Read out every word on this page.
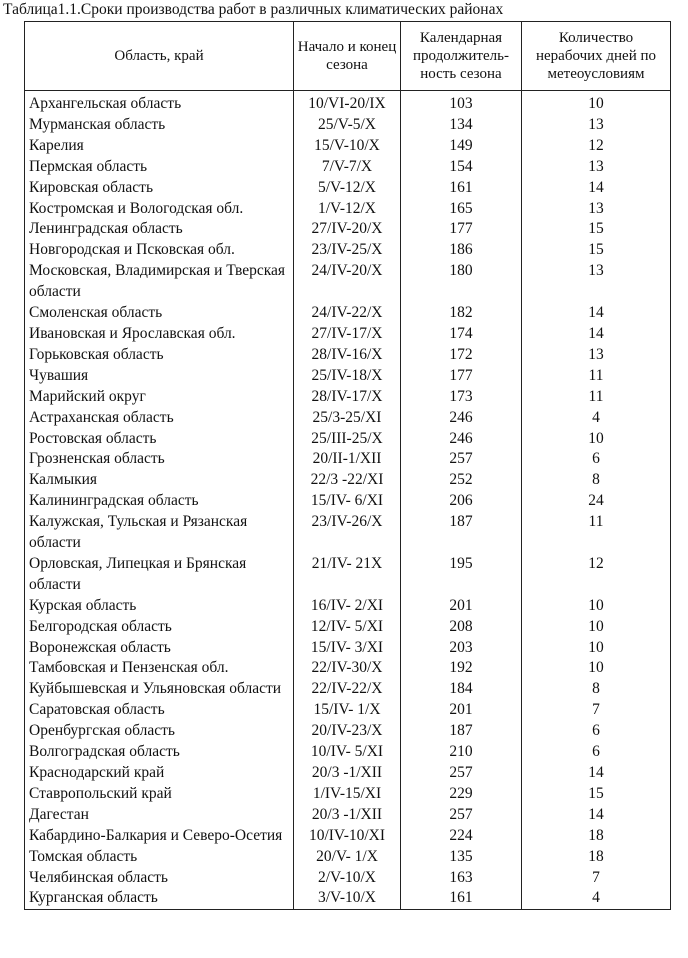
Таблица1.1.Сроки производства работ в различных климатических районах
Область, край	Начало и конец сезона	Календарная продолжитель-ность сезона	Количество нерабочих дней по метеоусловиям
Архангельская область	10/VI-20/IX	103	10
Мурманская область	25/V-5/X	134	13
Карелия	15/V-10/X	149	12
Пермская область	7/V-7/X	154	13
Кировская область	5/V-12/X	161	14
Костромская и Вологодская обл.	1/V-12/X	165	13
Ленинградская область	27/IV-20/X	177	15
Новгородская и Псковская обл.	23/IV-25/X	186	15
Московская, Владимирская и Тверская области	24/IV-20/X	180	13
Смоленская область	24/IV-22/X	182	14
Ивановская и Ярославская обл.	27/IV-17/X	174	14
Горьковская область	28/IV-16/X	172	13
Чувашия	25/IV-18/X	177	11
Марийский округ	28/IV-17/X	173	11
Астраханская область	25/3-25/XI	246	4
Ростовская область	25/III-25/X	246	10
Грозненская область	20/II-1/XII	257	6
Калмыкия	22/3 -22/XI	252	8
Калининградская область	15/IV- 6/XI	206	24
Калужская, Тульская и Рязанская области	23/IV-26/X	187	11
Орловская, Липецкая и Брянская области	21/IV- 21X	195	12
Курская область	16/IV- 2/XI	201	10
Белгородская область	12/IV- 5/XI	208	10
Воронежская область	15/IV- 3/XI	203	10
Тамбовская и Пензенская обл.	22/IV-30/X	192	10
Куйбышевская и Ульяновская области	22/IV-22/X	184	8
Саратовская область	15/IV- 1/X	201	7
Оренбургская область	20/IV-23/X	187	6
Волгоградская область	10/IV- 5/XI	210	6
Краснодарский край	20/3 -1/XII	257	14
Ставропольский край	1/IV-15/XI	229	15
Дагестан	20/3 -1/XII	257	14
Кабардино-Балкария и Северо-Осетия	10/IV-10/XI	224	18
Томская область	20/V- 1/X	135	18
Челябинская область	2/V-10/X	163	7
Курганская область	3/V-10/X	161	4
